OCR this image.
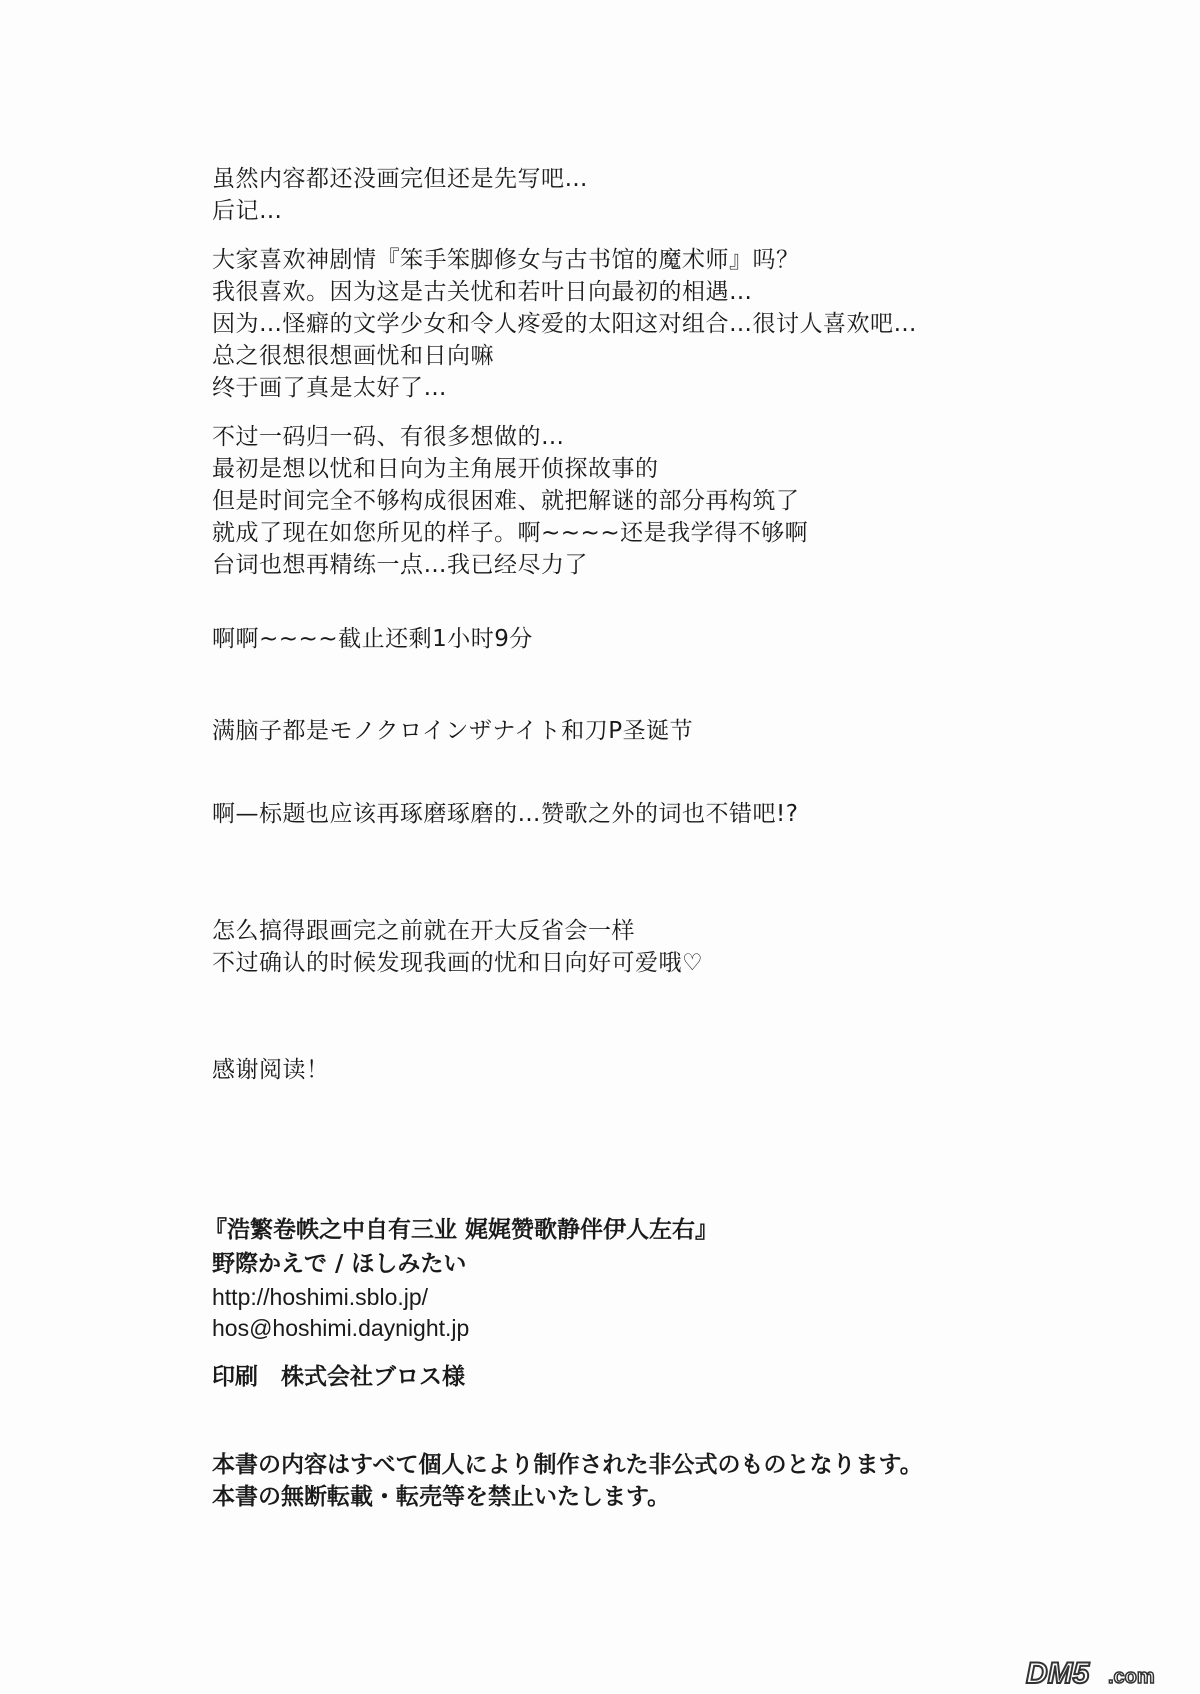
虽然内容都还没画完但还是先写吧…
后记…
大家喜欢神剧情『笨手笨脚修女与古书馆的魔术师』吗？
我很喜欢。因为这是古关忧和若叶日向最初的相遇…
因为…怪癖的文学少女和令人疼爱的太阳这对组合…很讨人喜欢吧…
总之很想很想画忧和日向嘛
终于画了真是太好了…
不过一码归一码、有很多想做的…
最初是想以忧和日向为主角展开侦探故事的
但是时间完全不够构成很困难、就把解谜的部分再构筑了
就成了现在如您所见的样子。啊~~~~还是我学得不够啊
台词也想再精练一点…我已经尽力了
啊啊~~~~截止还剩1小时9分
满脑子都是モノクロインザナイト和刀P圣诞节
啊—标题也应该再琢磨琢磨的…赞歌之外的词也不错吧!?
怎么搞得跟画完之前就在开大反省会一样
不过确认的时候发现我画的忧和日向好可爱哦♡
感谢阅读！
『浩繁卷帙之中自有三业 娓娓赞歌静伴伊人左右』
野際かえで / ほしみたい
http://hoshimi.sblo.jp/
hos@hoshimi.daynight.jp
印刷　株式会社ブロス様
本書の内容はすべて個人により制作された非公式のものとなります。
本書の無断転載・転売等を禁止いたします。
DM5 .com
